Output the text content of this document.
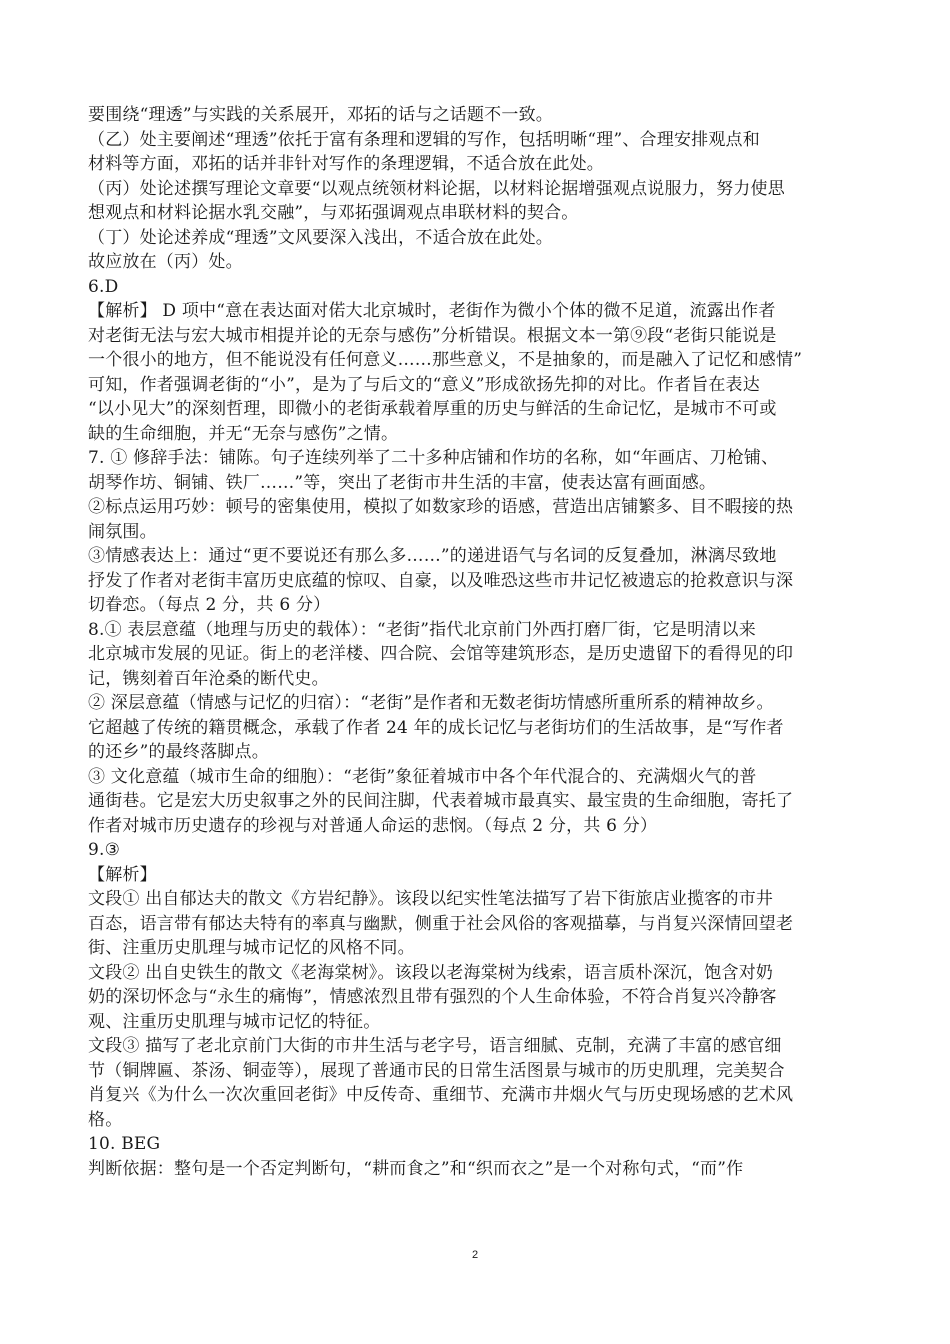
要围绕“理透”与实践的关系展开，邓拓的话与之话题不一致。
（乙）处主要阐述“理透”依托于富有条理和逻辑的写作，包括明晰“理”、合理安排观点和
材料等方面，邓拓的话并非针对写作的条理逻辑，不适合放在此处。
（丙）处论述撰写理论文章要“以观点统领材料论据，以材料论据增强观点说服力，努力使思
想观点和材料论据水乳交融”，与邓拓强调观点串联材料的契合。
（丁）处论述养成“理透”文风要深入浅出，不适合放在此处。
故应放在（丙）处。
6.D
【解析】 D 项中“意在表达面对偌大北京城时，老街作为微小个体的微不足道，流露出作者
对老街无法与宏大城市相提并论的无奈与感伤”分析错误。根据文本一第⑨段“老街只能说是
一个很小的地方，但不能说没有任何意义……那些意义，不是抽象的，而是融入了记忆和感情”
可知，作者强调老街的“小”，是为了与后文的“意义”形成欲扬先抑的对比。作者旨在表达
“以小见大”的深刻哲理，即微小的老街承载着厚重的历史与鲜活的生命记忆，是城市不可或
缺的生命细胞，并无“无奈与感伤”之情。
7. ① 修辞手法：铺陈。句子连续列举了二十多种店铺和作坊的名称，如“年画店、刀枪铺、
胡琴作坊、铜铺、铁厂……”等，突出了老街市井生活的丰富，使表达富有画面感。
②标点运用巧妙：顿号的密集使用，模拟了如数家珍的语感，营造出店铺繁多、目不暇接的热
闹氛围。
③情感表达上：通过“更不要说还有那么多……”的递进语气与名词的反复叠加，淋漓尽致地
抒发了作者对老街丰富历史底蕴的惊叹、自豪，以及唯恐这些市井记忆被遗忘的抢救意识与深
切眷恋。（每点 2 分，共 6 分）
8.① 表层意蕴（地理与历史的载体）：“老街”指代北京前门外西打磨厂街，它是明清以来
北京城市发展的见证。街上的老洋楼、四合院、会馆等建筑形态，是历史遗留下的看得见的印
记，镌刻着百年沧桑的断代史。
② 深层意蕴（情感与记忆的归宿）：“老街”是作者和无数老街坊情感所重所系的精神故乡。
它超越了传统的籍贯概念，承载了作者 24 年的成长记忆与老街坊们的生活故事，是“写作者
的还乡”的最终落脚点。
③ 文化意蕴（城市生命的细胞）：“老街”象征着城市中各个年代混合的、充满烟火气的普
通街巷。它是宏大历史叙事之外的民间注脚，代表着城市最真实、最宝贵的生命细胞，寄托了
作者对城市历史遗存的珍视与对普通人命运的悲悯。（每点 2 分，共 6 分）
9.③
【解析】
文段① 出自郁达夫的散文《方岩纪静》。该段以纪实性笔法描写了岩下街旅店业揽客的市井
百态，语言带有郁达夫特有的率真与幽默，侧重于社会风俗的客观描摹，与肖复兴深情回望老
街、注重历史肌理与城市记忆的风格不同。
文段② 出自史铁生的散文《老海棠树》。该段以老海棠树为线索，语言质朴深沉，饱含对奶
奶的深切怀念与“永生的痛悔”，情感浓烈且带有强烈的个人生命体验，不符合肖复兴冷静客
观、注重历史肌理与城市记忆的特征。
文段③ 描写了老北京前门大街的市井生活与老字号，语言细腻、克制，充满了丰富的感官细
节（铜牌匾、茶汤、铜壶等），展现了普通市民的日常生活图景与城市的历史肌理，完美契合
肖复兴《为什么一次次重回老街》中反传奇、重细节、充满市井烟火气与历史现场感的艺术风
格。
10. BEG
判断依据：整句是一个否定判断句，“耕而食之”和“织而衣之”是一个对称句式，“而”作
2
